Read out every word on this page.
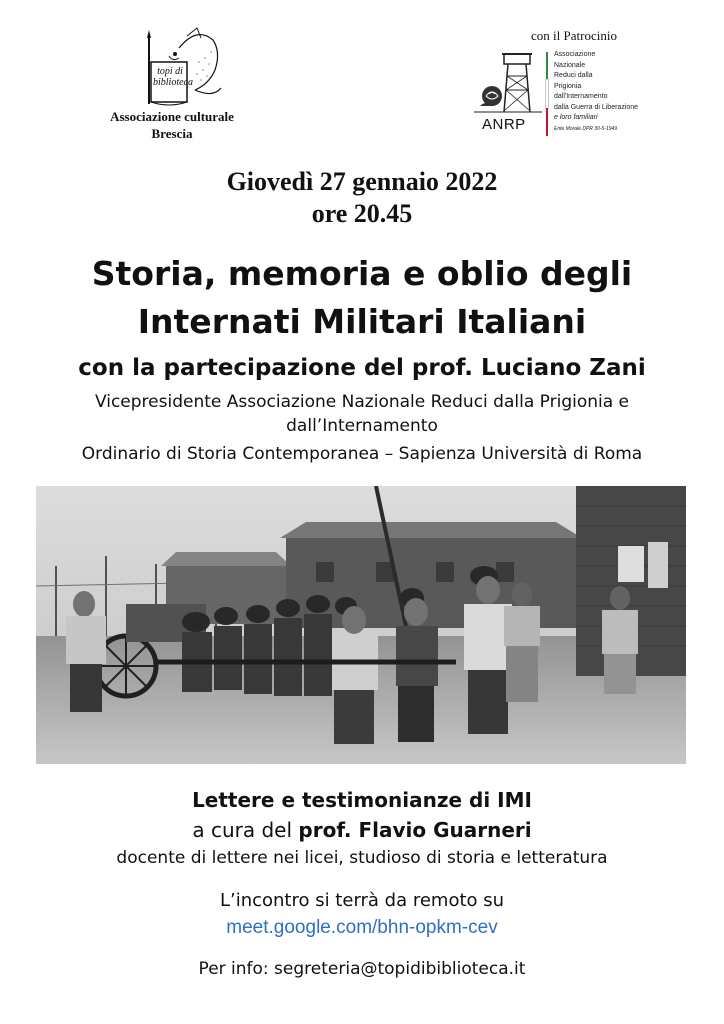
topi di biblioteca
Associazione culturale
Brescia
con il Patrocinio
ANRP
Associazione
Nazionale
Reduci dalla
Prigionia
dall'Internamento
dalla Guerra di Liberazione
e loro familiari
Ente Morale DPR 30-5-1949
Giovedì 27 gennaio 2022
ore 20.45
Storia, memoria e oblio degli
Internati Militari Italiani
con la partecipazione del prof. Luciano Zani
Vicepresidente Associazione Nazionale Reduci dalla Prigionia e
dall’Internamento
Ordinario di Storia Contemporanea – Sapienza Università di Roma
Lettere e testimonianze di IMI
a cura del prof. Flavio Guarneri
docente di lettere nei licei, studioso di storia e letteratura
L’incontro si terrà da remoto su
meet.google.com/bhn-opkm-cev
Per info: segreteria@topidibiblioteca.it
